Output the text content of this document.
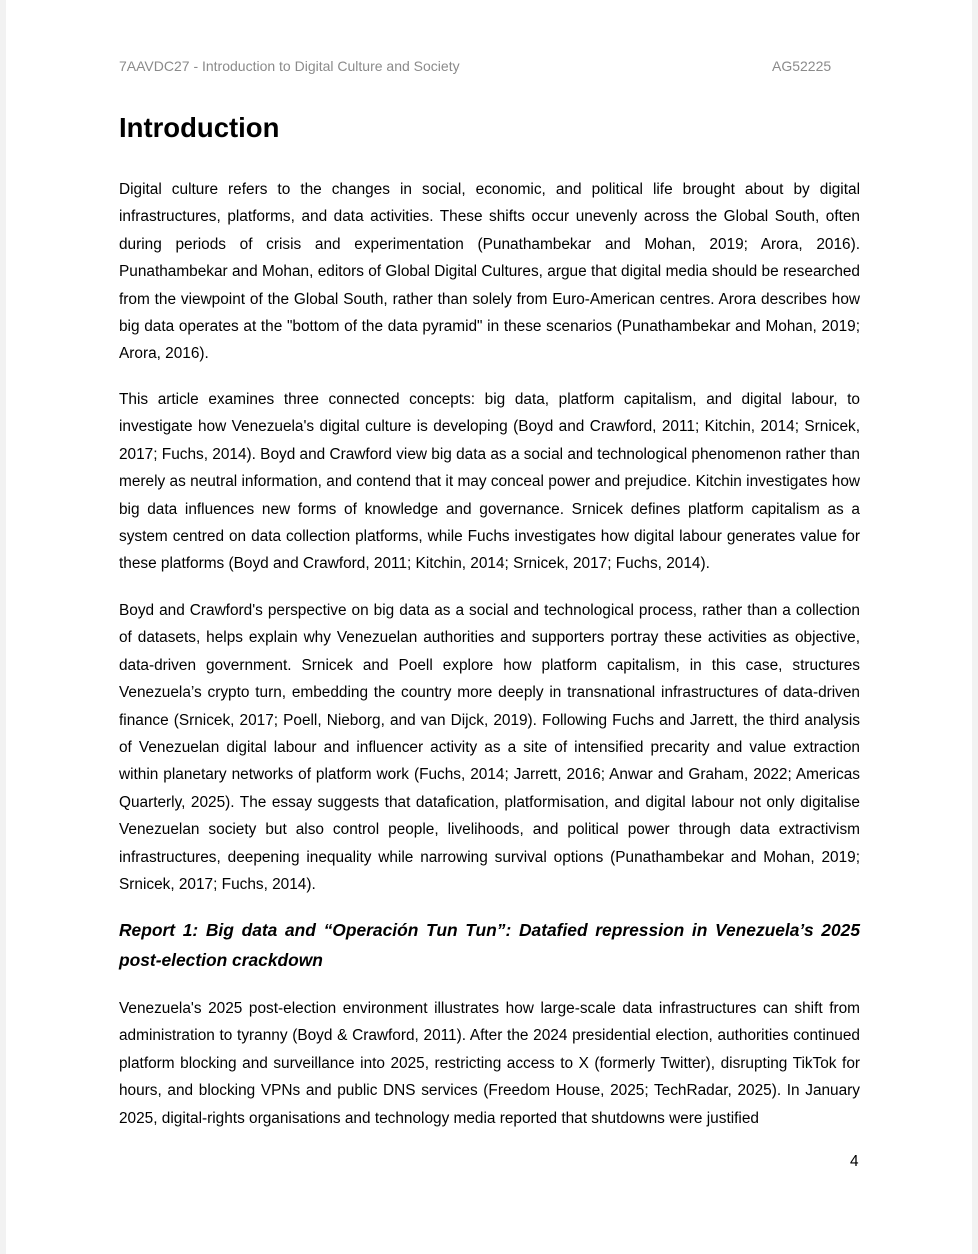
7AAVDC27 - Introduction to Digital Culture and Society	AG52225
Introduction

Digital culture refers to the changes in social, economic, and political life brought about by digital infrastructures, platforms, and data activities. These shifts occur unevenly across the Global South, often during periods of crisis and experimentation (Punathambekar and Mohan, 2019; Arora, 2016). Punathambekar and Mohan, editors of Global Digital Cultures, argue that digital media should be researched from the viewpoint of the Global South, rather than solely from Euro-American centres. Arora describes how big data operates at the "bottom of the data pyramid" in these scenarios (Punathambekar and Mohan, 2019; Arora, 2016).

This article examines three connected concepts: big data, platform capitalism, and digital labour, to investigate how Venezuela's digital culture is developing (Boyd and Crawford, 2011; Kitchin, 2014; Srnicek, 2017; Fuchs, 2014). Boyd and Crawford view big data as a social and technological phenomenon rather than merely as neutral information, and contend that it may conceal power and prejudice. Kitchin investigates how big data influences new forms of knowledge and governance. Srnicek defines platform capitalism as a system centred on data collection platforms, while Fuchs investigates how digital labour generates value for these platforms (Boyd and Crawford, 2011; Kitchin, 2014; Srnicek, 2017; Fuchs, 2014).

Boyd and Crawford's perspective on big data as a social and technological process, rather than a collection of datasets, helps explain why Venezuelan authorities and supporters portray these activities as objective, data-driven government. Srnicek and Poell explore how platform capitalism, in this case, structures Venezuela’s crypto turn, embedding the country more deeply in transnational infrastructures of data-driven finance (Srnicek, 2017; Poell, Nieborg, and van Dijck, 2019). Following Fuchs and Jarrett, the third analysis of Venezuelan digital labour and influencer activity as a site of intensified precarity and value extraction within planetary networks of platform work (Fuchs, 2014; Jarrett, 2016; Anwar and Graham, 2022; Americas Quarterly, 2025). The essay suggests that datafication, platformisation, and digital labour not only digitalise Venezuelan society but also control people, livelihoods, and political power through data extractivism infrastructures, deepening inequality while narrowing survival options (Punathambekar and Mohan, 2019; Srnicek, 2017; Fuchs, 2014).

Report 1: Big data and “Operación Tun Tun”: Datafied repression in Venezuela’s 2025 post-election crackdown

Venezuela's 2025 post-election environment illustrates how large-scale data infrastructures can shift from administration to tyranny (Boyd & Crawford, 2011). After the 2024 presidential election, authorities continued platform blocking and surveillance into 2025, restricting access to X (formerly Twitter), disrupting TikTok for hours, and blocking VPNs and public DNS services (Freedom House, 2025; TechRadar, 2025). In January 2025, digital-rights organisations and technology media reported that shutdowns were justified

4
